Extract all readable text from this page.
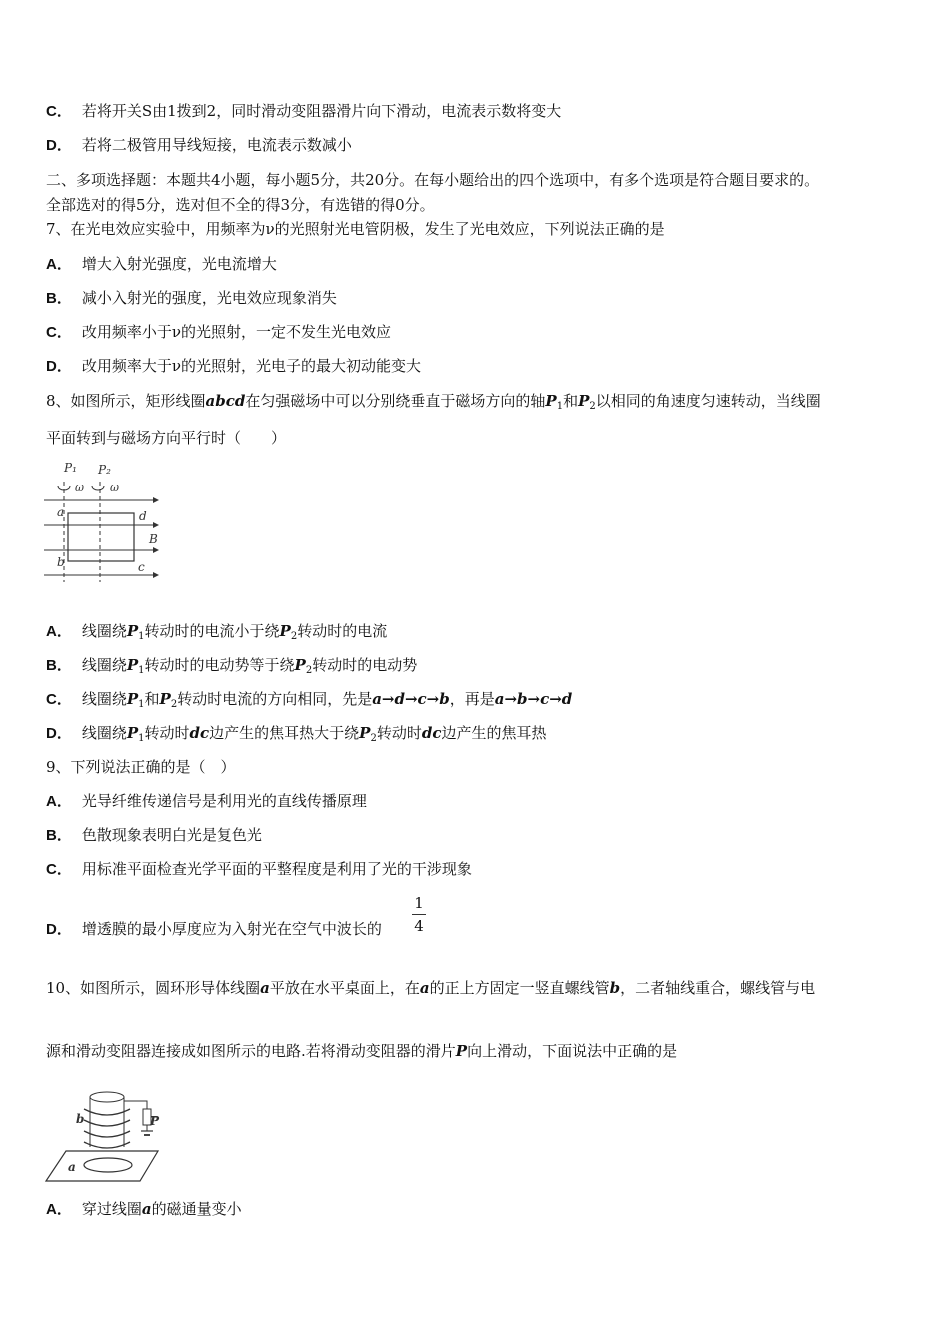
C． 若将开关S由1拨到2，同时滑动变阻器滑片向下滑动，电流表示数将变大
D． 若将二极管用导线短接，电流表示数减小
二、多项选择题：本题共4小题，每小题5分，共20分。在每小题给出的四个选项中，有多个选项是符合题目要求的。
全部选对的得5分，选对但不全的得3分，有选错的得0分。
7、在光电效应实验中，用频率为ν的光照射光电管阴极，发生了光电效应，下列说法正确的是
A． 增大入射光强度，光电流增大
B． 减小入射光的强度，光电效应现象消失
C． 改用频率小于ν的光照射，一定不发生光电效应
D． 改用频率大于ν的光照射，光电子的最大初动能变大
8、如图所示，矩形线圈abcd在匀强磁场中可以分别绕垂直于磁场方向的轴$P_1$和$P_2$以相同的角速度匀速转动，当线圈
平面转到与磁场方向平行时（　　）
P₁ P₂
ω ω
a	d
B
b	c
A． 线圈绕$P_1$转动时的电流小于绕$P_2$转动时的电流
B． 线圈绕$P_1$转动时的电动势等于绕$P_2$转动时的电动势
C． 线圈绕$P_1$和$P_2$转动时电流的方向相同，先是a→d→c→b，再是a→b→c→d
D． 线圈绕$P_1$转动时dc边产生的焦耳热大于绕$P_2$转动时dc边产生的焦耳热
9、下列说法正确的是（　）
A． 光导纤维传递信号是利用光的直线传播原理
B． 色散现象表明白光是复色光
C． 用标准平面检查光学平面的平整程度是利用了光的干涉现象
D． 增透膜的最小厚度应为入射光在空气中波长的
1
4
10、如图所示，圆环形导体线圈a平放在水平桌面上，在a的正上方固定一竖直螺线管b，二者轴线重合，螺线管与电
源和滑动变阻器连接成如图所示的电路.若将滑动变阻器的滑片P向上滑动，下面说法中正确的是
a
b	P
A． 穿过线圈a的磁通量变小
